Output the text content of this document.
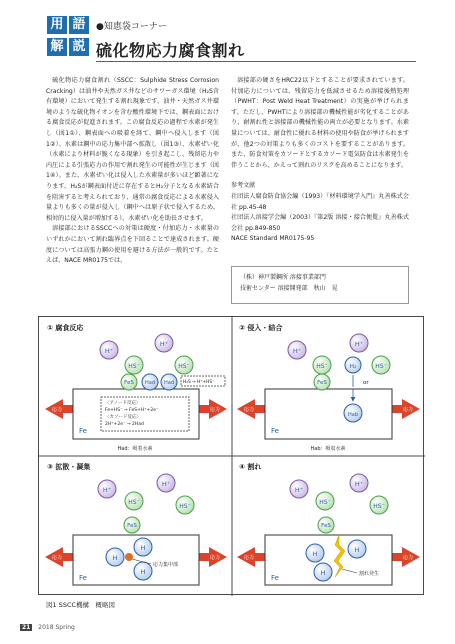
用 語
解 説
●知恵袋コーナー
硫化物応力腐食割れ

硫化物応力腐食割れ（SSCC：Sulphide Stress Corrosion Cracking）は油井や天然ガス井などのサワーガス環境（H₂S含有環境）において発生する割れ現象です。油井・天然ガス井環境のような硫化物イオンを含む酸性環境下では、鋼表面における腐食反応が促進されます。この腐食反応の過程で水素が発生し（図1①）、鋼表面への吸着を経て、鋼中へ侵入します（図1②）。水素は鋼中の応力集中部へ拡散し（図1③）、水素ぜい化（水素により材料が脆くなる現象）を引き起こし、残留応力や内圧による引張応力の作用で割れ発生の可能性が生じます（図1④）。また、水素ぜい化は侵入した水素量が多いほど顕著になります。H₂Sが鋼表面付近に存在するとH₂分子となる水素結合を阻害すると考えられており、通常の腐食反応による水素侵入量よりも多くの量が侵入し（鋼中へは原子状で侵入するため、相対的に侵入量が増加する）、水素ぜい化を助長させます。

溶接部におけるSSCCへの対策は硬度・付加応力・水素量のいずれかにおいて割れ臨界点を下回ることで達成されます。硬度については高張力鋼の使用を避ける方法が一般的です。たとえば、NACE MR0175では、

溶接部の硬さをHRC22以下とすることが要求されています。付加応力については、残留応力を低減させるため溶接後熱処理（PWHT：Post Weld Heat Treatment）の実施が挙げられます。ただし、PWHTにより溶接部の機械性能が劣化することがあり、耐割れ性と溶接部の機械性能の両立が必要となります。水素量については、耐食性に優れる材料の使用や防食が挙げられますが、他2つの対策よりも多くのコストを要することがあります。また、防食対策をカソードとするカソード電気防食は水素発生を伴うことから、かえって割れのリスクを高めることになります。

参考文献

社団法人腐食防食協会編（1993）『材料環境学入門』丸善株式会社 pp.45-48

社団法人溶接学会編（2003）『第2版 溶接・接合便覧』丸善株式会社 pp.849-850

NACE Standard MR0175-95

（株）神戸製鋼所 溶接事業部門
技術センター 溶接開発部　秋山　晃
① 腐食反応
応力	応力
Fe
〈アノード反応〉
Fe+HS⁻ → FeS+H⁺+2e⁻
〈カソード反応〉
2H⁺+2e⁻ → 2Had
H⁺
HS⁻
H⁺
HS⁻
FeS Had Had H₂S → H⁺+HS⁻
Had：吸着水素
② 侵入・結合
応力	応力
Fe
H⁺
HS⁻
H⁺
HS⁻
FeS
H₂
or
Hab
Hab：吸収水素
③ 拡散・凝集
応力	応力
Fe
H⁺
HS⁻
H⁺
HS⁻
FeS
H
H
H
応力集中部
④ 割れ
応力	応力
Fe
H⁺
HS⁻
H⁺
HS⁻
FeS
H	H
H	割れ発生
図1 SSCC機構　概略図
21 2018 Spring
